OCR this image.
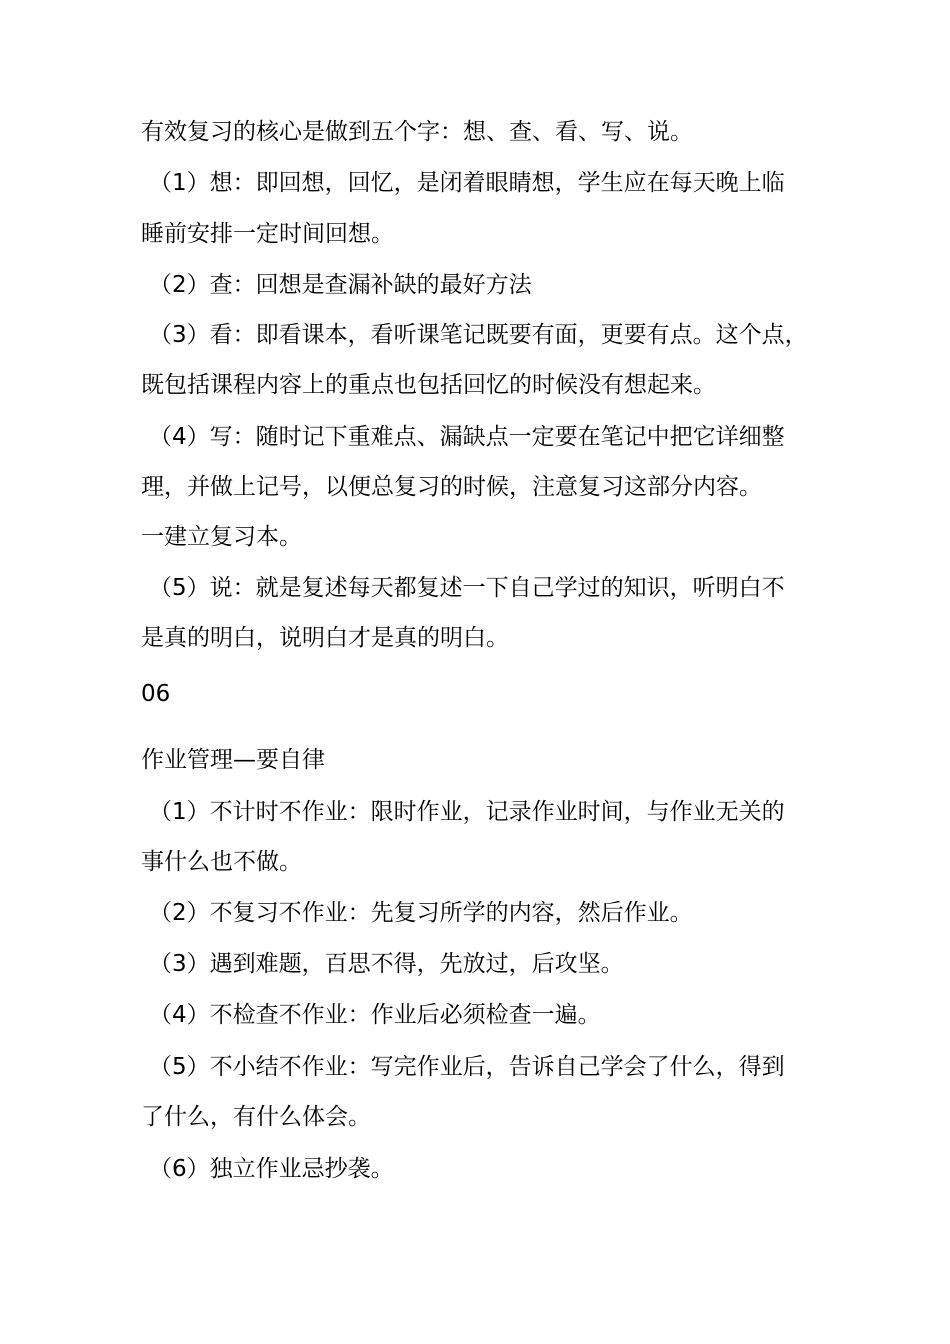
有效复习的核心是做到五个字：想、查、看、写、说。
（1）想：即回想，回忆，是闭着眼睛想，学生应在每天晚上临
睡前安排一定时间回想。
（2）查：回想是查漏补缺的最好方法
（3）看：即看课本，看听课笔记既要有面，更要有点。这个点，
既包括课程内容上的重点也包括回忆的时候没有想起来。
（4）写：随时记下重难点、漏缺点一定要在笔记中把它详细整
理，并做上记号，以便总复习的时候，注意复习这部分内容。
一建立复习本。
（5）说：就是复述每天都复述一下自己学过的知识，听明白不
是真的明白，说明白才是真的明白。
06
作业管理—要自律
（1）不计时不作业：限时作业，记录作业时间，与作业无关的
事什么也不做。
（2）不复习不作业：先复习所学的内容，然后作业。
（3）遇到难题，百思不得，先放过，后攻坚。
（4）不检查不作业：作业后必须检查一遍。
（5）不小结不作业：写完作业后，告诉自己学会了什么，得到
了什么，有什么体会。
（6）独立作业忌抄袭。
